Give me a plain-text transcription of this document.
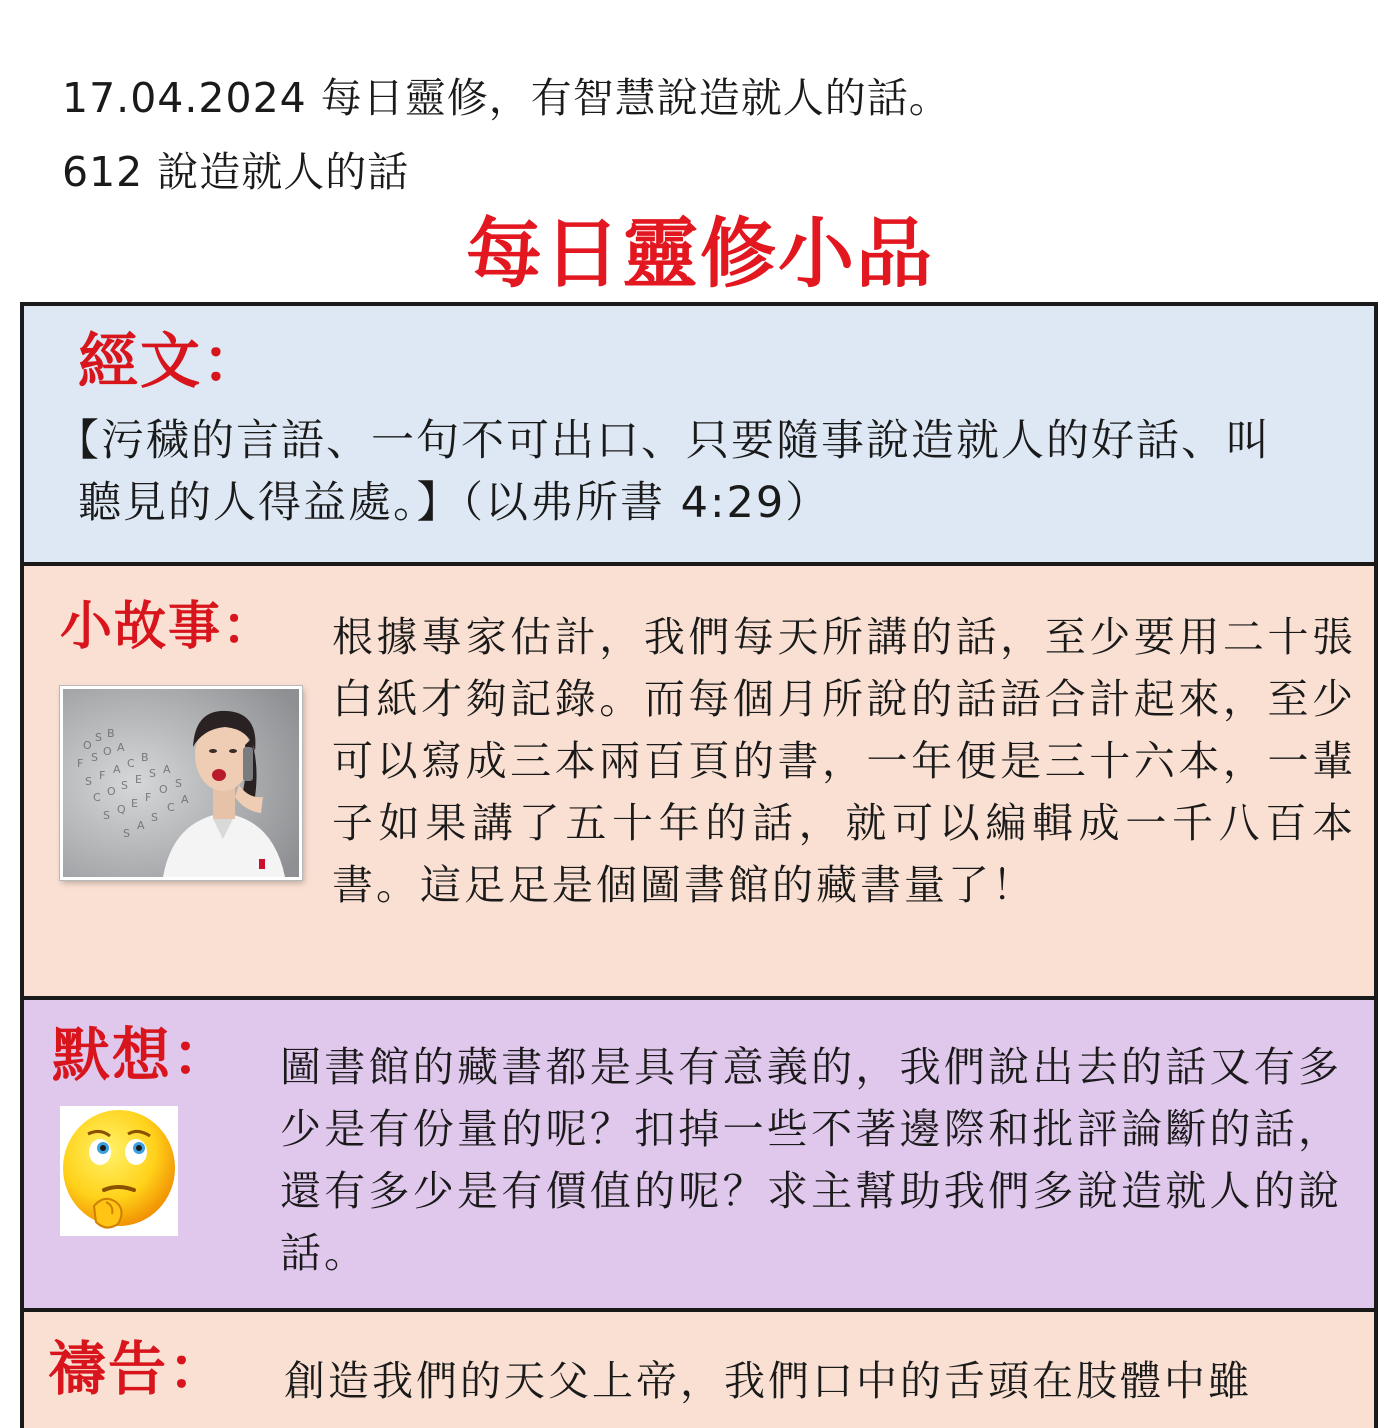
17.04.2024 每日靈修，有智慧說造就人的話。
612 說造就人的話
每日靈修小品
經文：

【污穢的言語、一句不可出口、只要隨事說造就人的好話、叫
聽見的人得益處。】（以弗所書 4:29）

小故事：
O
S B
F S O A
S F A C B
C O S E S A
S Q E F
O S
S
A
S
C
A

根據專家估計，我們每天所講的話，至少要用二十張白紙才夠記錄。而每個月所說的話語合計起來，至少可以寫成三本兩百頁的書，一年便是三十六本，一輩子如果講了五十年的話，就可以編輯成一千八百本書。這足足是個圖書館的藏書量了！

默想： 圖書館的藏書都是具有意義的，我們說出去的話又有多少是有份量的呢？扣掉一些不著邊際和批評論斷的話，還有多少是有價值的呢？求主幫助我們多說造就人的說話。

禱告： 創造我們的天父上帝，我們口中的舌頭在肢體中雖
